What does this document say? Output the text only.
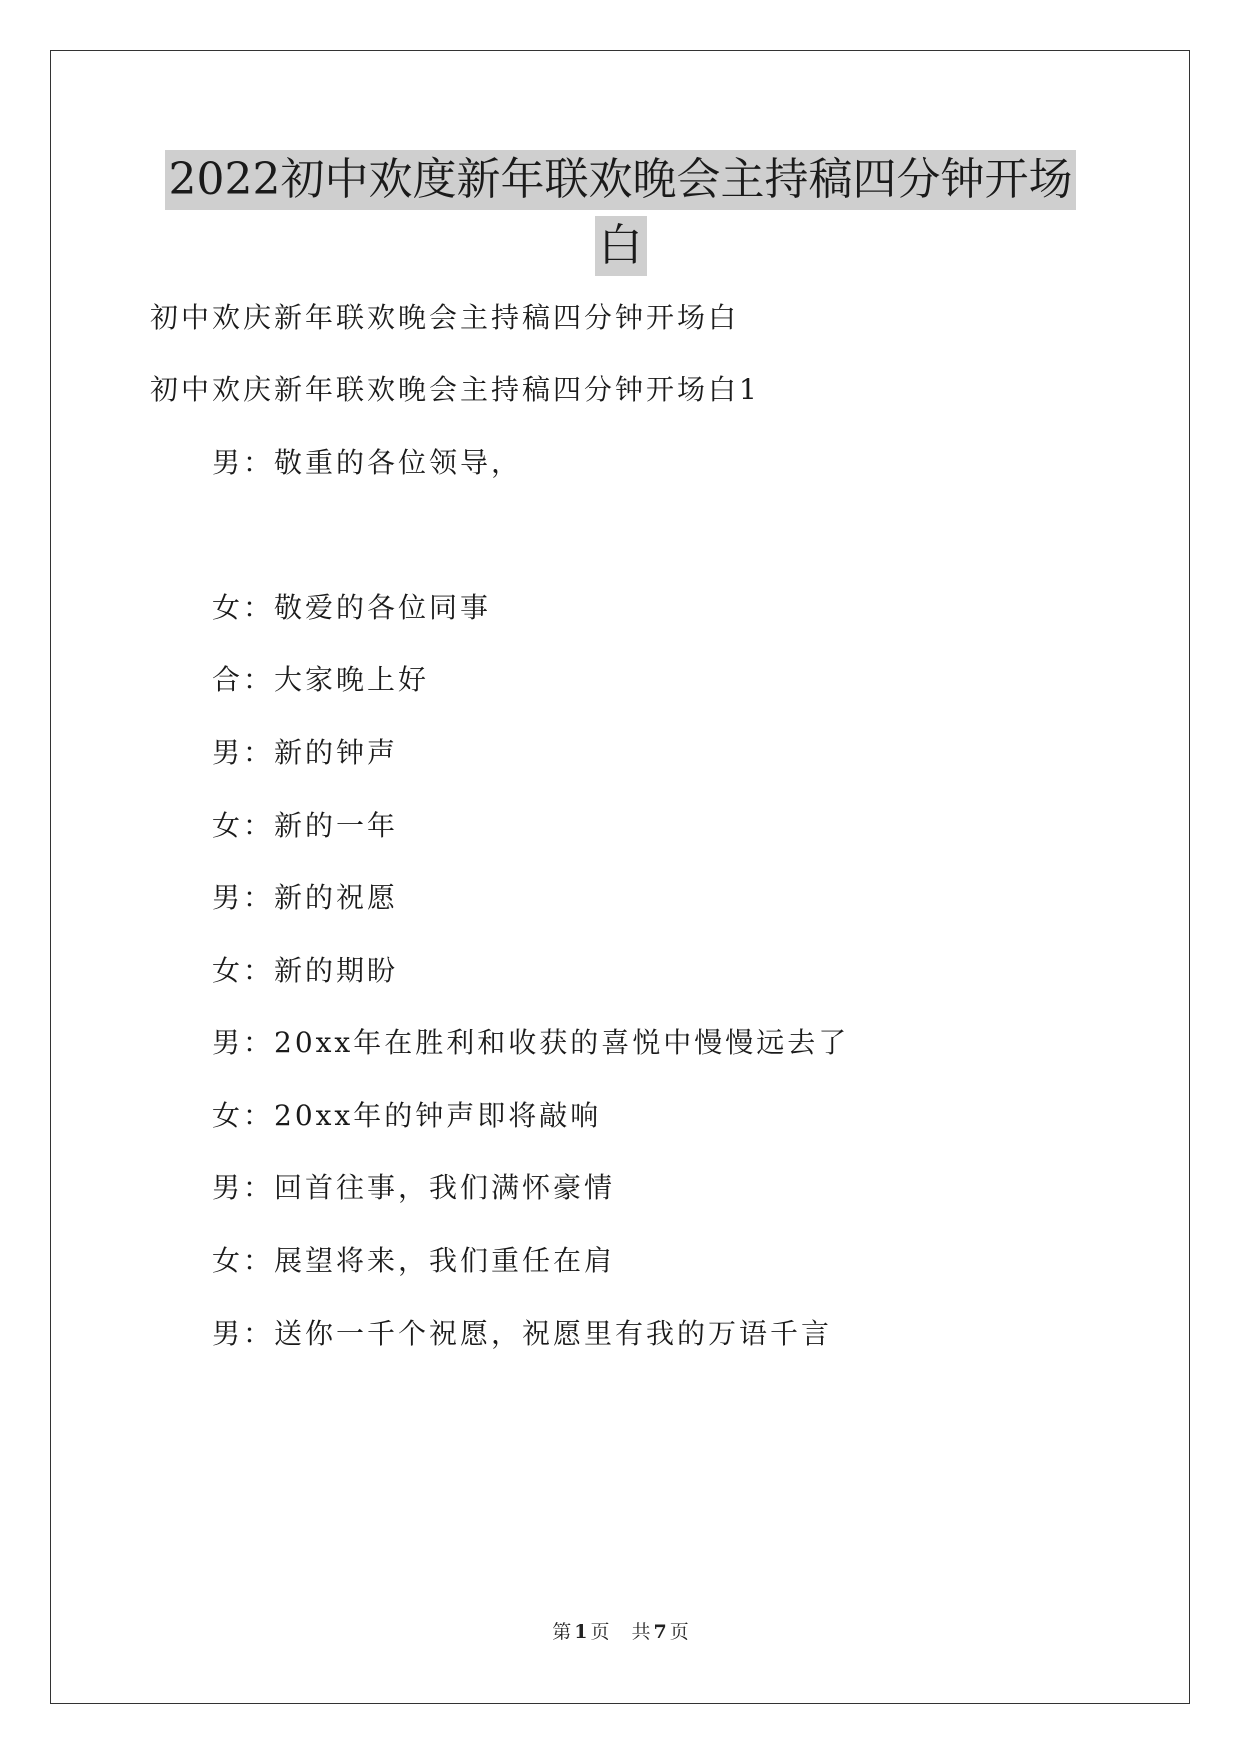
2022初中欢度新年联欢晚会主持稿四分钟开场
白
初中欢庆新年联欢晚会主持稿四分钟开场白
初中欢庆新年联欢晚会主持稿四分钟开场白1
男：敬重的各位领导，
女：敬爱的各位同事
合：大家晚上好
男：新的钟声
女：新的一年
男：新的祝愿
女：新的期盼
男：20xx年在胜利和收获的喜悦中慢慢远去了
女：20xx年的钟声即将敲响
男：回首往事，我们满怀豪情
女：展望将来，我们重任在肩
男：送你一千个祝愿，祝愿里有我的万语千言
第 1 页 共 7 页
